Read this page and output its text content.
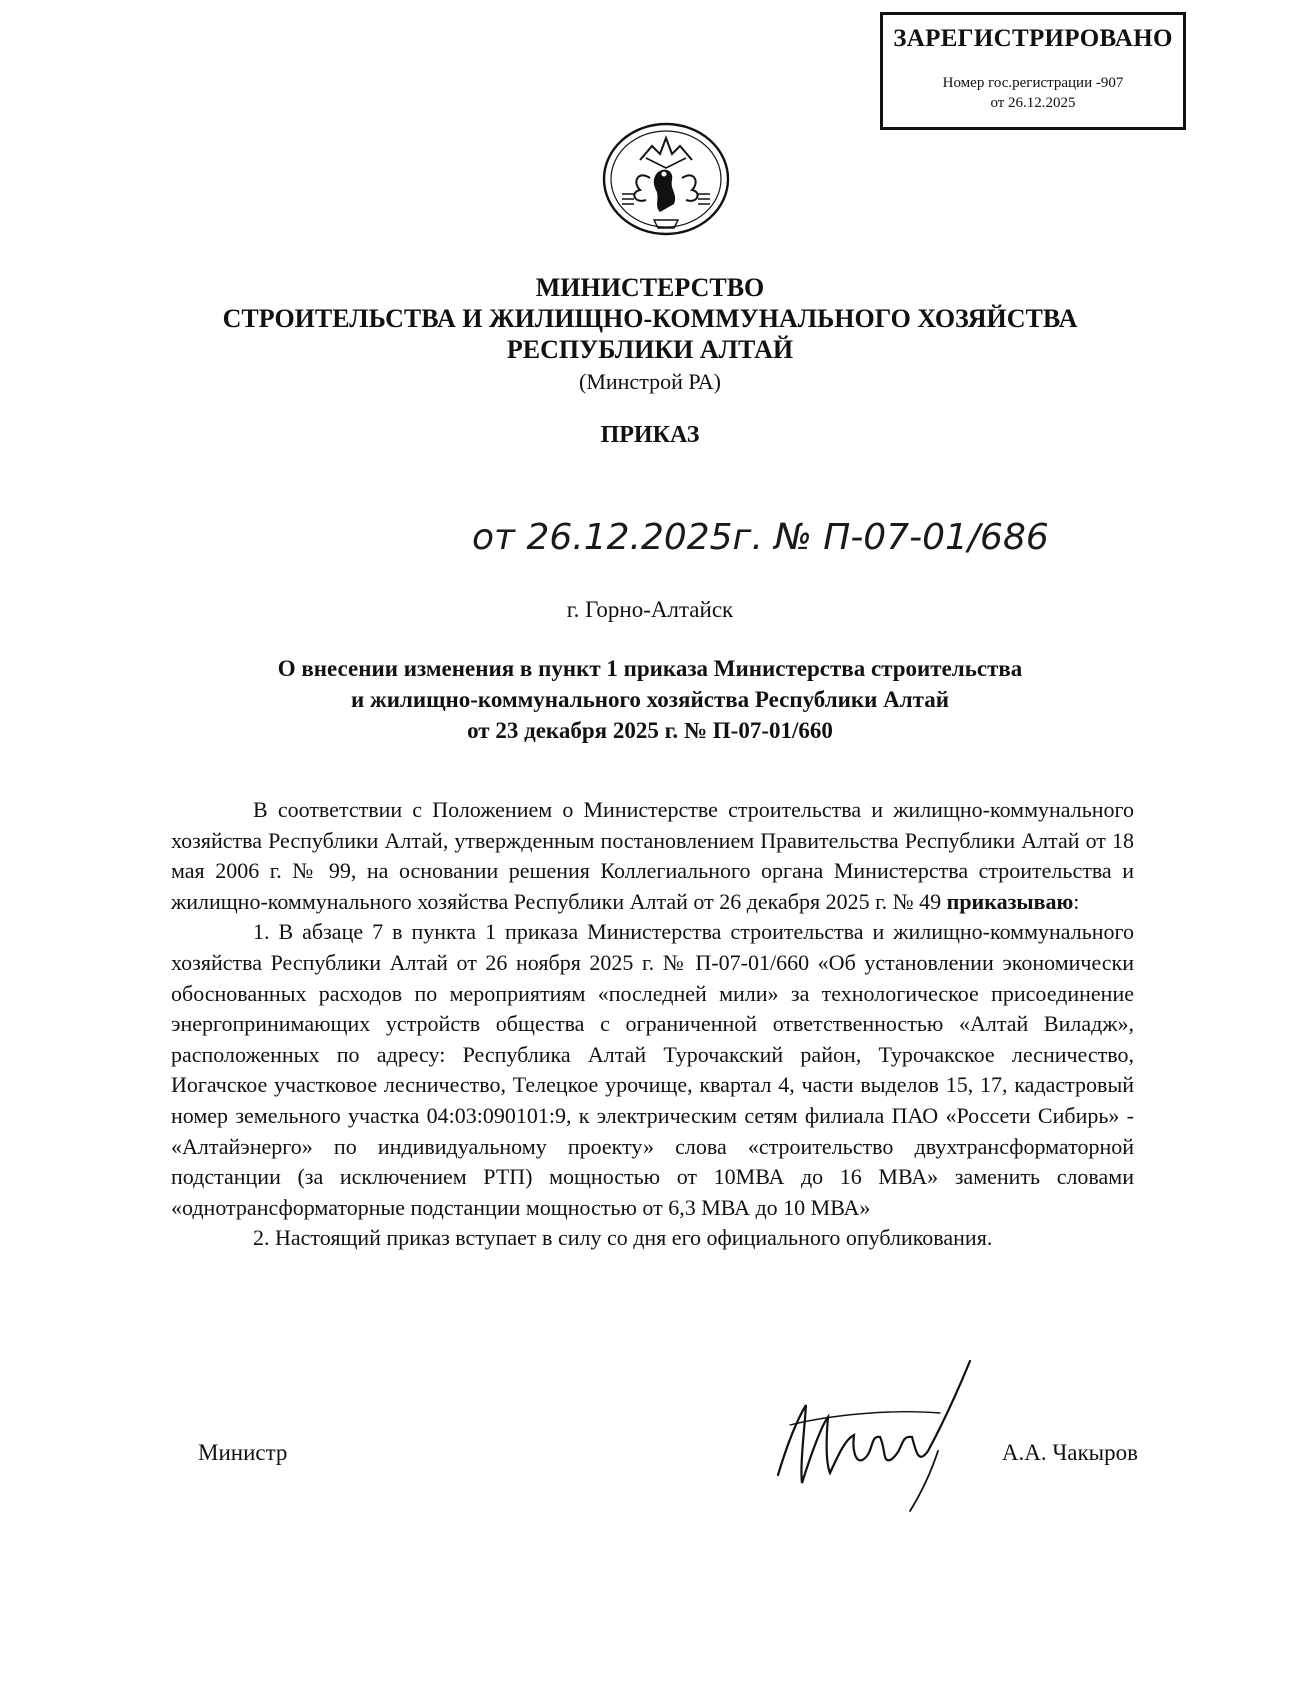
ЗАРЕГИСТРИРОВАНО
Номер гос.регистрации -907
от 26.12.2025
МИНИСТЕРСТВО
СТРОИТЕЛЬСТВА И ЖИЛИЩНО-КОММУНАЛЬНОГО ХОЗЯЙСТВА
РЕСПУБЛИКИ АЛТАЙ
(Минстрой РА)
ПРИКАЗ
от 26.12.2025г. № П-07-01/686
г. Горно-Алтайск
О внесении изменения в пункт 1 приказа Министерства строительства
и жилищно-коммунального хозяйства Республики Алтай
от 23 декабря 2025 г. № П-07-01/660

В соответствии с Положением о Министерстве строительства и жилищно-коммунального хозяйства Республики Алтай, утвержденным постановлением Правительства Республики Алтай от 18 мая 2006 г. № 99, на основании решения Коллегиального органа Министерства строительства и жилищно-коммунального хозяйства Республики Алтай от 26 декабря 2025 г. № 49 приказываю:

1. В абзаце 7 в пункта 1 приказа Министерства строительства и жилищно-коммунального хозяйства Республики Алтай от 26 ноября 2025 г. № П-07-01/660 «Об установлении экономически обоснованных расходов по мероприятиям «последней мили» за технологическое присоединение энергопринимающих устройств общества с ограниченной ответственностью «Алтай Виладж», расположенных по адресу: Республика Алтай Турочакский район, Турочакское лесничество, Иогачское участковое лесничество, Телецкое урочище, квартал 4, части выделов 15, 17, кадастровый номер земельного участка 04:03:090101:9, к электрическим сетям филиала ПАО «Россети Сибирь» - «Алтайэнерго» по индивидуальному проекту» слова «строительство двухтрансформаторной подстанции (за исключением РТП) мощностью от 10МВА до 16 МВА» заменить словами «однотрансформаторные подстанции мощностью от 6,3 МВА до 10 МВА»

2. Настоящий приказ вступает в силу со дня его официального опубликования.

Министр	А.А. Чакыров
